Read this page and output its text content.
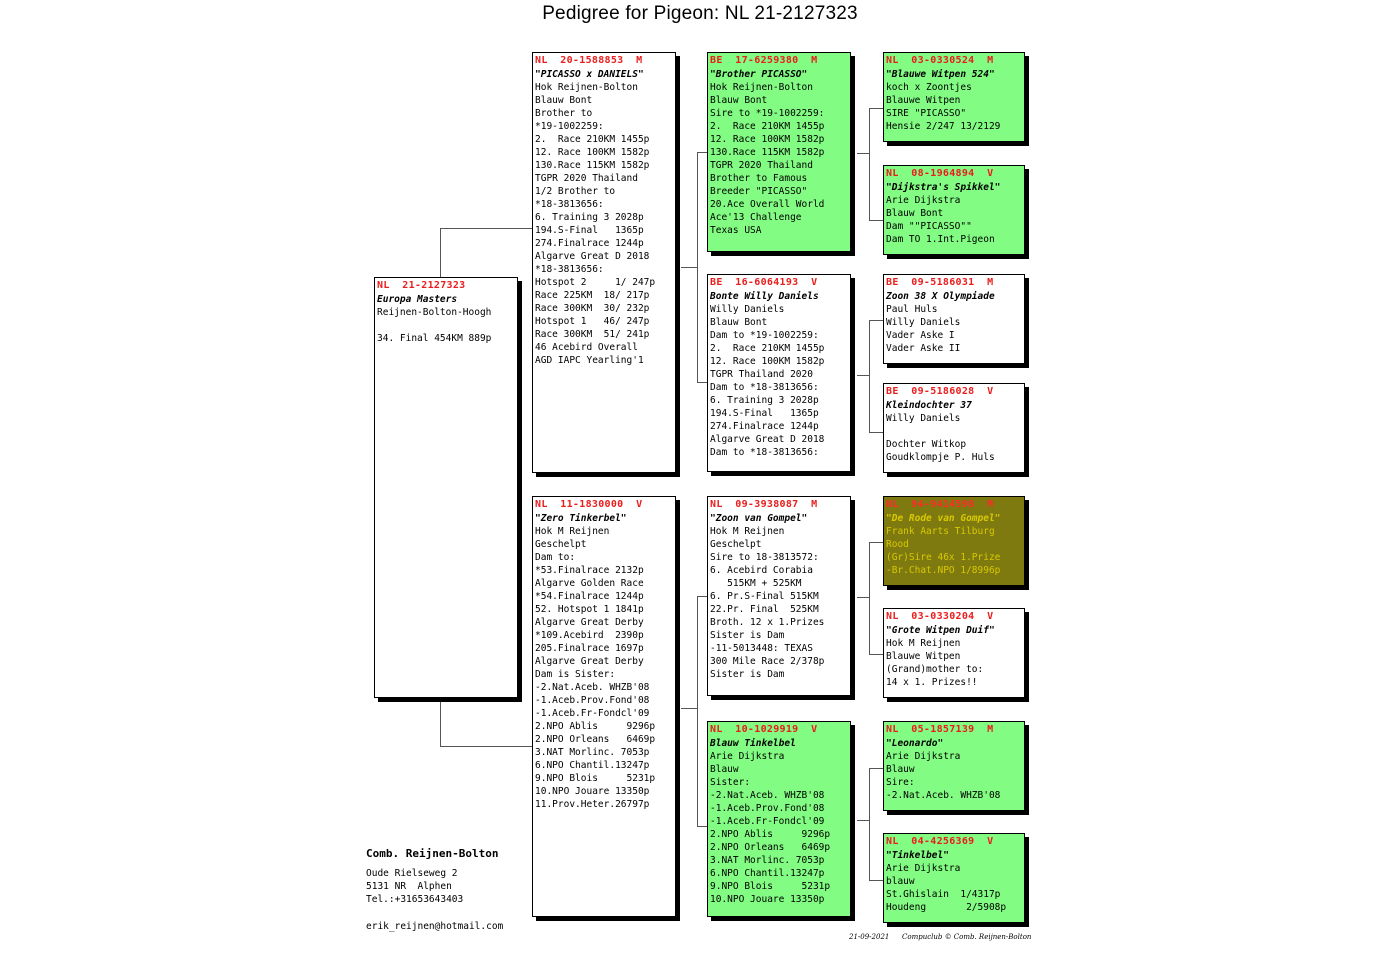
Pedigree for Pigeon: NL 21-2127323
NL  21-2127323
Europa Masters
Reijnen-Bolton-Hoogh
34. Final 454KM 889p
NL  20-1588853  M
"PICASSO x DANIELS"
Hok Reijnen-Bolton
Blauw Bont
Brother to
*19-1002259:
2.  Race 210KM 1455p
12. Race 100KM 1582p
130.Race 115KM 1582p
TGPR 2020 Thailand
1/2 Brother to
*18-3813656:
6. Training 3 2028p
194.S-Final   1365p
274.Finalrace 1244p
Algarve Great D 2018
*18-3813656:
Hotspot 2     1/ 247p
Race 225KM  18/ 217p
Race 300KM  30/ 232p
Hotspot 1   46/ 247p
Race 300KM  51/ 241p
46 Acebird Overall
AGD IAPC Yearling'1
NL  11-1830000  V
"Zero Tinkerbel"
Hok M Reijnen
Geschelpt
Dam to:
*53.Finalrace 2132p
Algarve Golden Race
*54.Finalrace 1244p
52. Hotspot 1 1841p
Algarve Great Derby
*109.Acebird  2390p
205.Finalrace 1697p
Algarve Great Derby
Dam is Sister:
-2.Nat.Aceb. WHZB'08
-1.Aceb.Prov.Fond'08
-1.Aceb.Fr-Fondcl'09
2.NPO Ablis     9296p
2.NPO Orleans   6469p
3.NAT Morlinc. 7053p
6.NPO Chantil.13247p
9.NPO Blois     5231p
10.NPO Jouare 13350p
11.Prov.Heter.26797p
BE  17-6259380  M
"Brother PICASSO"
Hok Reijnen-Bolton
Blauw Bont
Sire to *19-1002259:
2.  Race 210KM 1455p
12. Race 100KM 1582p
130.Race 115KM 1582p
TGPR 2020 Thailand
Brother to Famous
Breeder "PICASSO"
20.Ace Overall World
Ace'13 Challenge
Texas USA
BE  16-6064193  V
Bonte Willy Daniels
Willy Daniels
Blauw Bont
Dam to *19-1002259:
2.  Race 210KM 1455p
12. Race 100KM 1582p
TGPR Thailand 2020
Dam to *18-3813656:
6. Training 3 2028p
194.S-Final   1365p
274.Finalrace 1244p
Algarve Great D 2018
Dam to *18-3813656:
NL  09-3938087  M
"Zoon van Gompel"
Hok M Reijnen
Geschelpt
Sire to 18-3813572:
6. Acebird Corabia
515KM + 525KM
6. Pr.S-Final 515KM
22.Pr. Final  525KM
Broth. 12 x 1.Prizes
Sister is Dam
-11-5013448: TEXAS
300 Mile Race 2/378p
Sister is Dam
NL  10-1029919  V
Blauw Tinkelbel
Arie Dijkstra
Blauw
Sister:
-2.Nat.Aceb. WHZB'08
-1.Aceb.Prov.Fond'08
-1.Aceb.Fr-Fondcl'09
2.NPO Ablis     9296p
2.NPO Orleans   6469p
3.NAT Morlinc. 7053p
6.NPO Chantil.13247p
9.NPO Blois     5231p
10.NPO Jouare 13350p
NL  03-0330524  M
"Blauwe Witpen 524"
koch x Zoontjes
Blauwe Witpen
SIRE "PICASSO"
Hensie 2/247 13/2129
NL  08-1964894  V
"Dijkstra's Spikkel"
Arie Dijkstra
Blauw Bont
Dam ""PICASSO""
Dam TO 1.Int.Pigeon
BE  09-5186031  M
Zoon 38 X Olympiade
Paul Huls
Willy Daniels
Vader Aske I
Vader Aske II
BE  09-5186028  V
Kleindochter 37
Willy Daniels
Dochter Witkop
Goudklompje P. Huls
NL  94-9414598  M
"De Rode van Gompel"
Frank Aarts Tilburg
Rood
(Gr)Sire 46x 1.Prize
-Br.Chat.NPO 1/8996p
NL  03-0330204  V
"Grote Witpen Duif"
Hok M Reijnen
Blauwe Witpen
(Grand)mother to:
14 x 1. Prizes!!
NL  05-1857139  M
"Leonardo"
Arie Dijkstra
Blauw
Sire:
-2.Nat.Aceb. WHZB'08
NL  04-4256369  V
"Tinkelbel"
Arie Dijkstra
blauw
St.Ghislain  1/4317p
Houdeng       2/5908p
Comb. Reijnen-Bolton
Oude Rielseweg 2
5131 NR  Alphen
Tel.:+31653643403
erik_reijnen@hotmail.com
21-09-2021 Compuclub © Comb. Reijnen-Bolton
